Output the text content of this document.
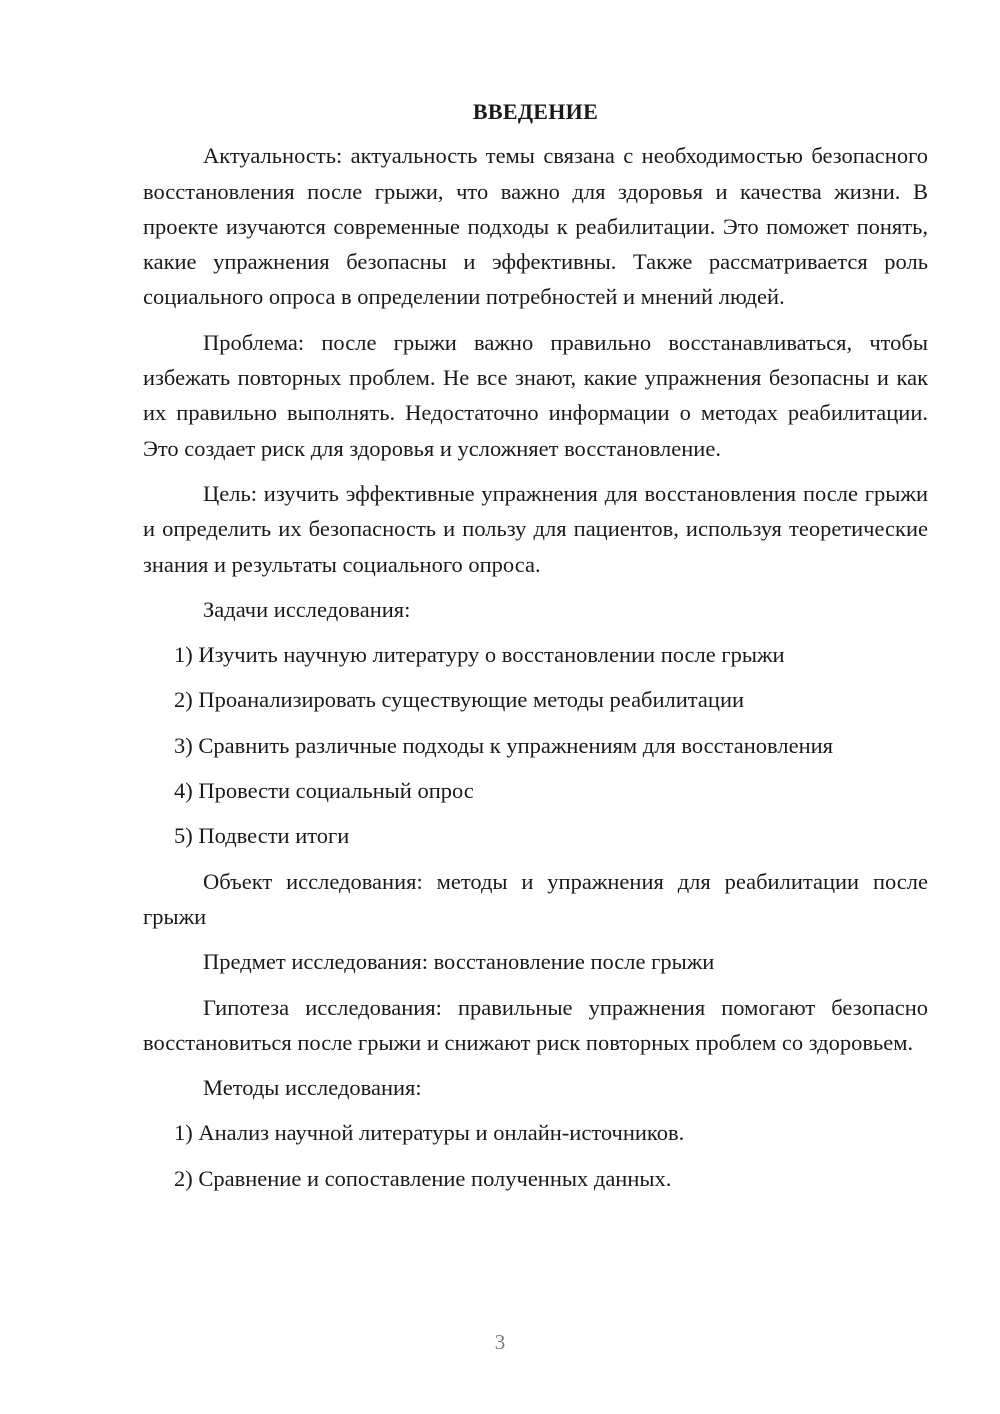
ВВЕДЕНИЕ

Актуальность: актуальность темы связана с необходимостью безопасного восстановления после грыжи, что важно для здоровья и качества жизни. В проекте изучаются современные подходы к реабилитации. Это поможет понять, какие упражнения безопасны и эффективны. Также рассматривается роль социального опроса в определении потребностей и мнений людей.

Проблема: после грыжи важно правильно восстанавливаться, чтобы избежать повторных проблем. Не все знают, какие упражнения безопасны и как их правильно выполнять. Недостаточно информации о методах реабилитации. Это создает риск для здоровья и усложняет восстановление.

Цель: изучить эффективные упражнения для восстановления после грыжи и определить их безопасность и пользу для пациентов, используя теоретические знания и результаты социального опроса.

Задачи исследования:

1) Изучить научную литературу о восстановлении после грыжи

2) Проанализировать существующие методы реабилитации

3) Сравнить различные подходы к упражнениям для восстановления

4) Провести социальный опрос

5) Подвести итоги

Объект исследования: методы и упражнения для реабилитации после грыжи

Предмет исследования: восстановление после грыжи

Гипотеза исследования: правильные упражнения помогают безопасно восстановиться после грыжи и снижают риск повторных проблем со здоровьем.

Методы исследования:

1) Анализ научной литературы и онлайн-источников.

2) Сравнение и сопоставление полученных данных.

3
